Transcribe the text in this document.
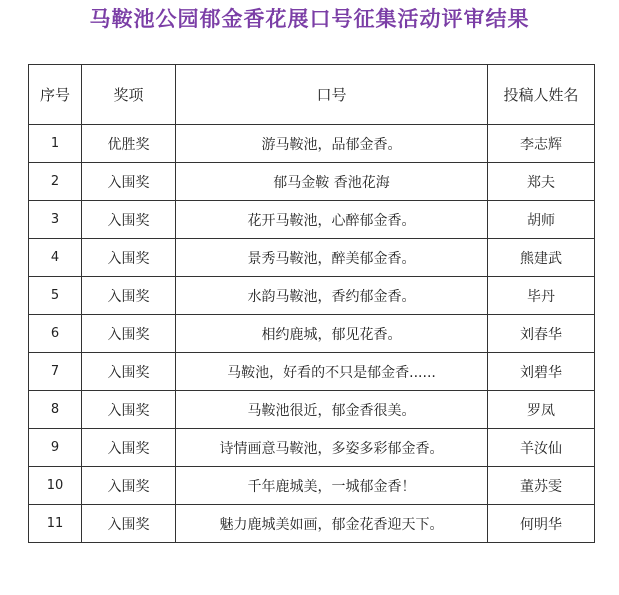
马鞍池公园郁金香花展口号征集活动评审结果
序号	奖项	口号	投稿人姓名
1	优胜奖	游马鞍池，品郁金香。	李志辉
2	入围奖	郁马金鞍 香池花海	郑夫
3	入围奖	花开马鞍池，心醉郁金香。	胡师
4	入围奖	景秀马鞍池，醉美郁金香。	熊建武
5	入围奖	水韵马鞍池，香约郁金香。	毕丹
6	入围奖	相约鹿城，郁见花香。	刘春华
7	入围奖	马鞍池，好看的不只是郁金香......	刘碧华
8	入围奖	马鞍池很近，郁金香很美。	罗凤
9	入围奖	诗情画意马鞍池，多姿多彩郁金香。	羊汝仙
10	入围奖	千年鹿城美，一城郁金香！	董苏雯
11	入围奖	魅力鹿城美如画，郁金花香迎天下。	何明华
